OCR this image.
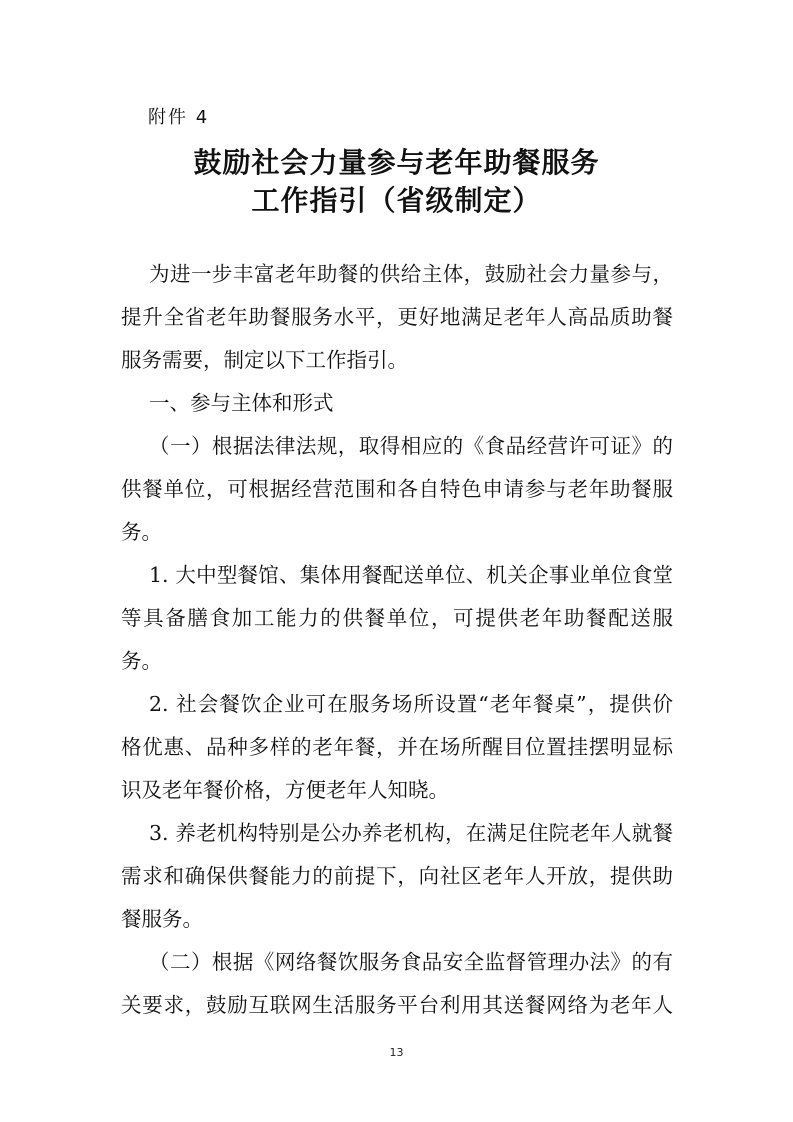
附件 4
鼓励社会力量参与老年助餐服务
工作指引（省级制定）
为进一步丰富老年助餐的供给主体，鼓励社会力量参与，
提升全省老年助餐服务水平，更好地满足老年人高品质助餐
服务需要，制定以下工作指引。
一、参与主体和形式
（一）根据法律法规，取得相应的《食品经营许可证》的
供餐单位，可根据经营范围和各自特色申请参与老年助餐服
务。
1. 大中型餐馆、集体用餐配送单位、机关企事业单位食堂
等具备膳食加工能力的供餐单位，可提供老年助餐配送服
务。
2. 社会餐饮企业可在服务场所设置“老年餐桌”，提供价
格优惠、品种多样的老年餐，并在场所醒目位置挂摆明显标
识及老年餐价格，方便老年人知晓。
3. 养老机构特别是公办养老机构，在满足住院老年人就餐
需求和确保供餐能力的前提下，向社区老年人开放，提供助
餐服务。
（二）根据《网络餐饮服务食品安全监督管理办法》的有
关要求，鼓励互联网生活服务平台利用其送餐网络为老年人
13
